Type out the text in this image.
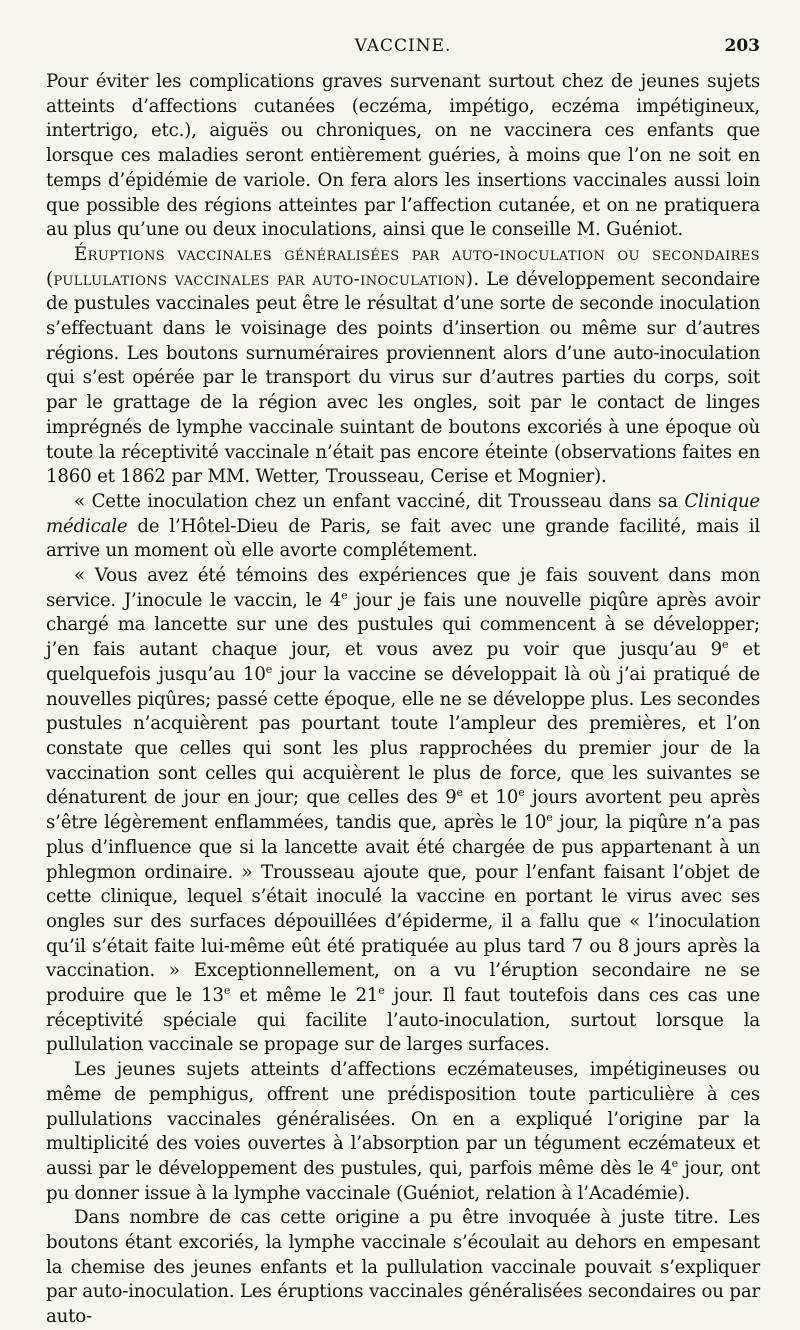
VACCINE.	203

Pour éviter les complications graves survenant surtout chez de jeunes sujets atteints d’affections cutanées (eczéma, impétigo, eczéma impétigineux, intertrigo, etc.), aiguës ou chroniques, on ne vaccinera ces enfants que lorsque ces maladies seront entièrement guéries, à moins que l’on ne soit en temps d’épidémie de variole. On fera alors les insertions vaccinales aussi loin que possible des régions atteintes par l’affection cutanée, et on ne pratiquera au plus qu’une ou deux inoculations, ainsi que le conseille M. Guéniot.

Éruptions vaccinales généralisées par auto-inoculation ou secondaires (pullulations vaccinales par auto-inoculation). Le développement secondaire de pustules vaccinales peut être le résultat d’une sorte de seconde inoculation s’effectuant dans le voisinage des points d’insertion ou même sur d’autres régions. Les boutons surnuméraires proviennent alors d’une auto-inoculation qui s’est opérée par le transport du virus sur d’autres parties du corps, soit par le grattage de la région avec les ongles, soit par le contact de linges imprégnés de lymphe vaccinale suintant de boutons excoriés à une époque où toute la réceptivité vaccinale n’était pas encore éteinte (observations faites en 1860 et 1862 par MM. Wetter, Trousseau, Cerise et Mognier).

« Cette inoculation chez un enfant vacciné, dit Trousseau dans sa Clinique médicale de l’Hôtel-Dieu de Paris, se fait avec une grande facilité, mais il arrive un moment où elle avorte complétement.

« Vous avez été témoins des expériences que je fais souvent dans mon service. J’inocule le vaccin, le 4e jour je fais une nouvelle piqûre après avoir chargé ma lancette sur une des pustules qui commencent à se développer; j’en fais autant chaque jour, et vous avez pu voir que jusqu’au 9e et quelquefois jusqu’au 10e jour la vaccine se développait là où j’ai pratiqué de nouvelles piqûres; passé cette époque, elle ne se développe plus. Les secondes pustules n’acquièrent pas pourtant toute l’ampleur des premières, et l’on constate que celles qui sont les plus rapprochées du premier jour de la vaccination sont celles qui acquièrent le plus de force, que les suivantes se dénaturent de jour en jour; que celles des 9e et 10e jours avortent peu après s’être légèrement enflammées, tandis que, après le 10e jour, la piqûre n’a pas plus d’influence que si la lancette avait été chargée de pus appartenant à un phlegmon ordinaire. » Trousseau ajoute que, pour l’enfant faisant l’objet de cette clinique, lequel s’était inoculé la vaccine en portant le virus avec ses ongles sur des surfaces dépouillées d’épiderme, il a fallu que « l’inoculation qu’il s’était faite lui-même eût été pratiquée au plus tard 7 ou 8 jours après la vaccination. » Exceptionnellement, on a vu l’éruption secondaire ne se produire que le 13e et même le 21e jour. Il faut toutefois dans ces cas une réceptivité spéciale qui facilite l’auto-inoculation, surtout lorsque la pullulation vaccinale se propage sur de larges surfaces.

Les jeunes sujets atteints d’affections eczémateuses, impétigineuses ou même de pemphigus, offrent une prédisposition toute particulière à ces pullulations vaccinales généralisées. On en a expliqué l’origine par la multiplicité des voies ouvertes à l’absorption par un tégument eczémateux et aussi par le développement des pustules, qui, parfois même dès le 4e jour, ont pu donner issue à la lymphe vaccinale (Guéniot, relation à l’Académie).

Dans nombre de cas cette origine a pu être invoquée à juste titre. Les boutons étant excoriés, la lymphe vaccinale s’écoulait au dehors en empesant la chemise des jeunes enfants et la pullulation vaccinale pouvait s’expliquer par auto-inoculation. Les éruptions vaccinales généralisées secondaires ou par auto-
